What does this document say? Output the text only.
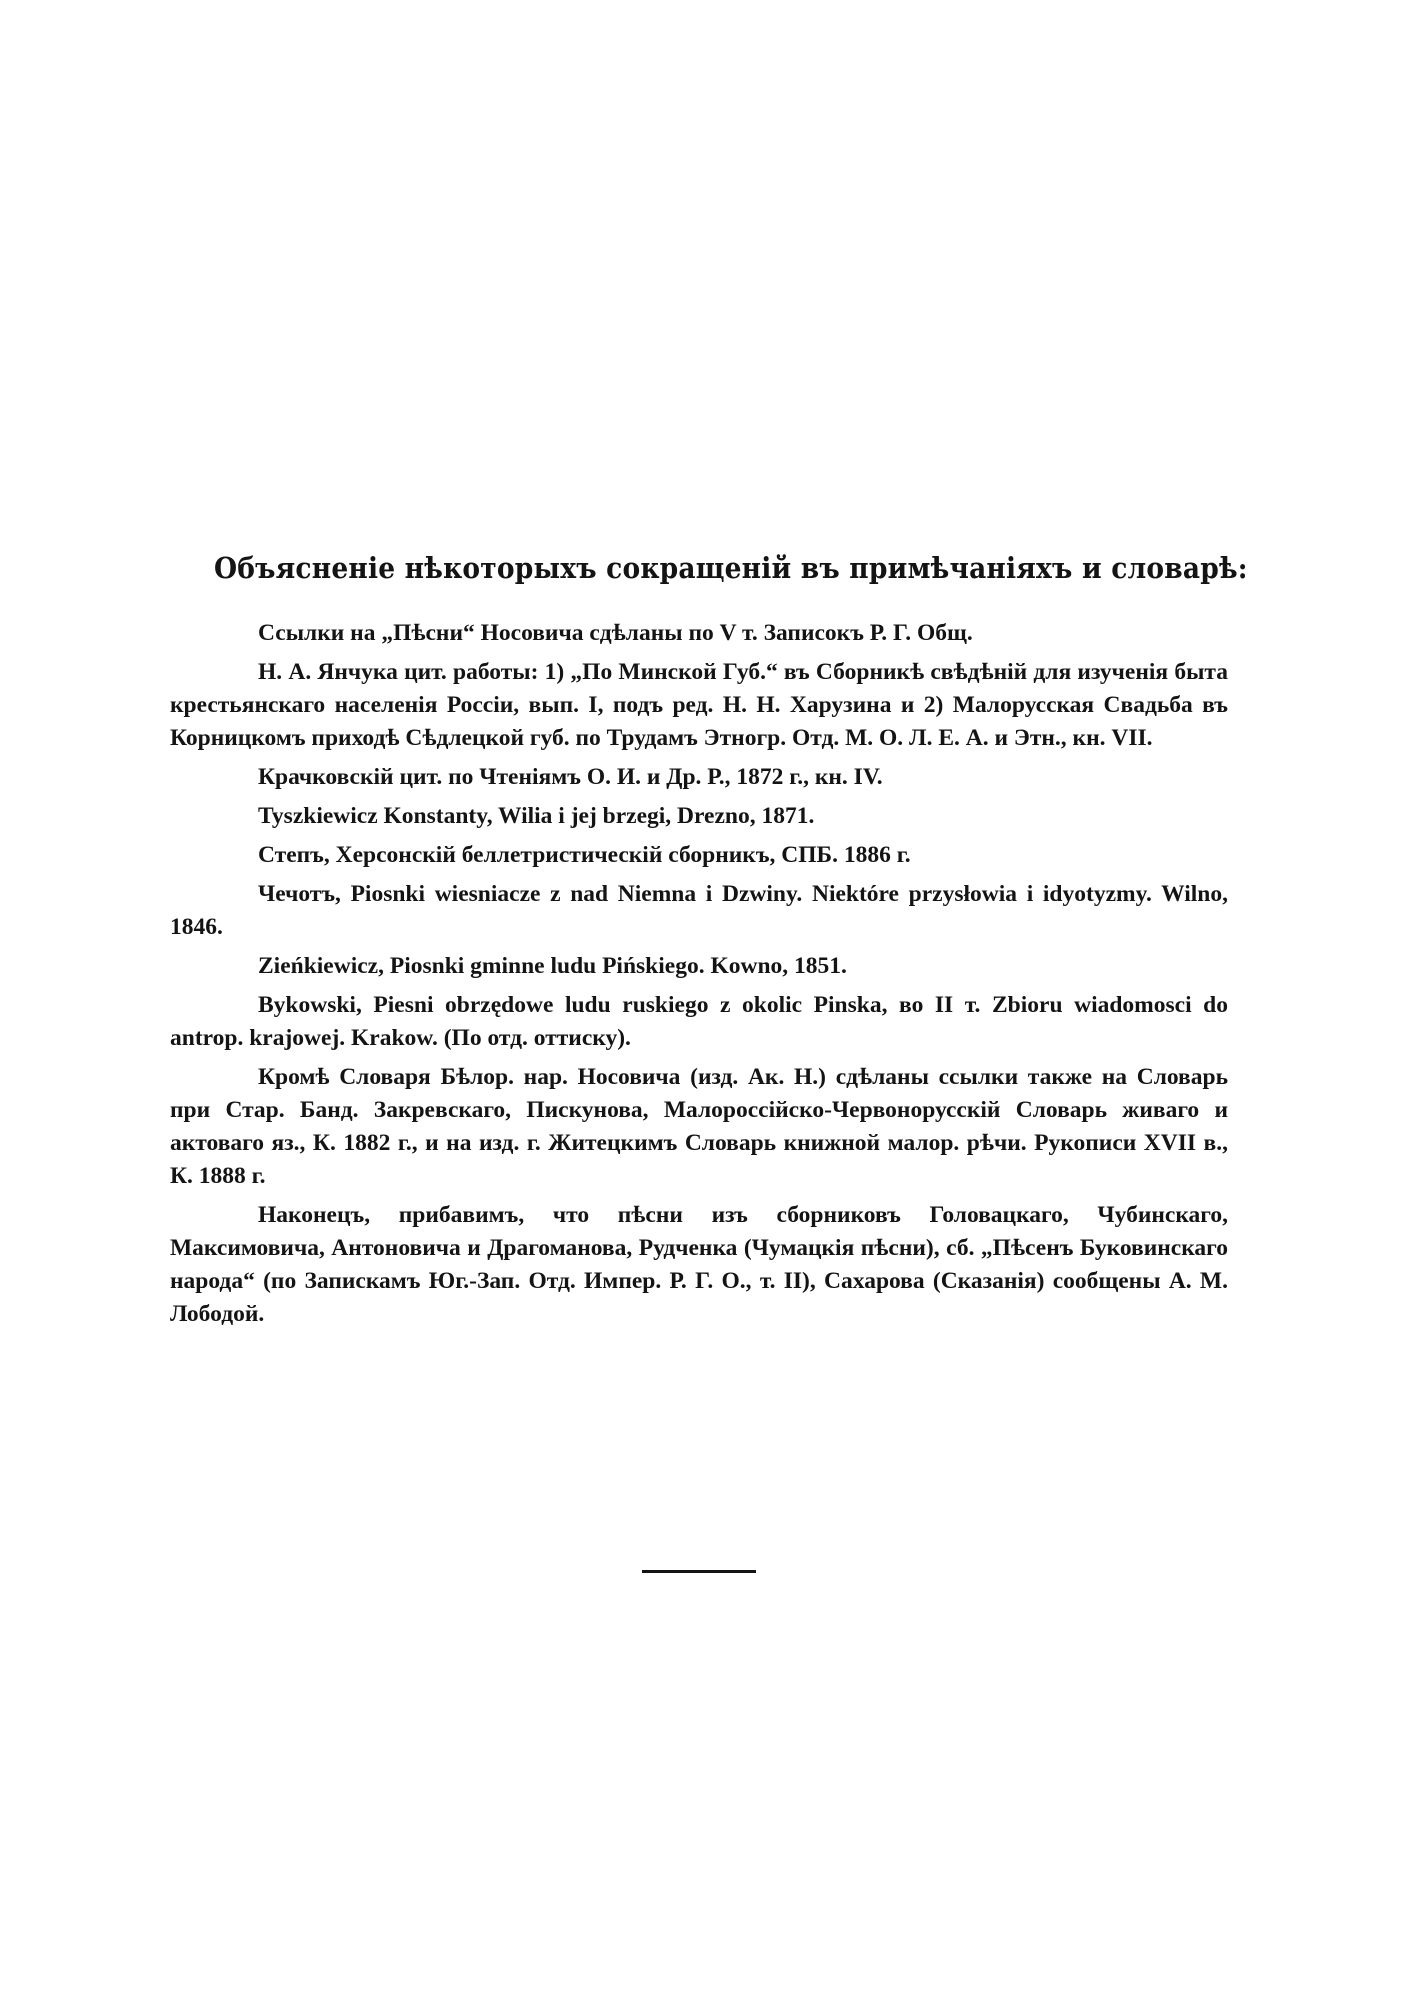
Объясненіе нѣкоторыхъ сокращеній въ примѣчаніяхъ и словарѣ:

Ссылки на „Пѣсни“ Носовича сдѣланы по V т. Записокъ Р. Г. Общ.

Н. А. Янчука цит. работы: 1) „По Минской Губ.“ въ Сборникѣ свѣдѣній для изученія быта крестьянскаго населенія Россіи, вып. I, подъ ред. Н. Н. Харузина и 2) Малорусская Свадьба въ Корницкомъ приходѣ Сѣдлецкой губ. по Трудамъ Этногр. Отд. М. О. Л. Е. А. и Этн., кн. VII.

Крачковскій цит. по Чтеніямъ О. И. и Др. Р., 1872 г., кн. IV.

Tyszkiewicz Konstanty, Wilia i jej brzegi, Drezno, 1871.

Степъ, Херсонскій беллетристическій сборникъ, СПБ. 1886 г.

Чечотъ, Piosnki wiesniacze z nad Niemna i Dzwiny. Niektóre przysłowia i idyotyzmy. Wilno, 1846.

Zieńkiewicz, Piosnki gminne ludu Pińskiego. Kowno, 1851.

Bykowski, Piesni obrzędowe ludu ruskiego z okolic Pinska, во II т. Zbioru wiadomosci do antrop. krajowej. Krakow. (По отд. оттиску).

Кромѣ Словаря Бѣлор. нар. Носовича (изд. Ак. Н.) сдѣланы ссылки также на Словарь при Стар. Банд. Закревскаго, Пискунова, Малороссійско-Червонорусскій Словарь живаго и актоваго яз., К. 1882 г., и на изд. г. Житецкимъ Словарь книжной малор. рѣчи. Рукописи XVII в., К. 1888 г.

Наконецъ, прибавимъ, что пѣсни изъ сборниковъ Головацкаго, Чубинскаго, Максимовича, Антоновича и Драгоманова, Рудченка (Чумацкія пѣсни), сб. „Пѣсенъ Буковинскаго народа“ (по Запискамъ Юг.-Зап. Отд. Импер. Р. Г. О., т. II), Сахарова (Сказанія) сообщены А. М. Лободой.
